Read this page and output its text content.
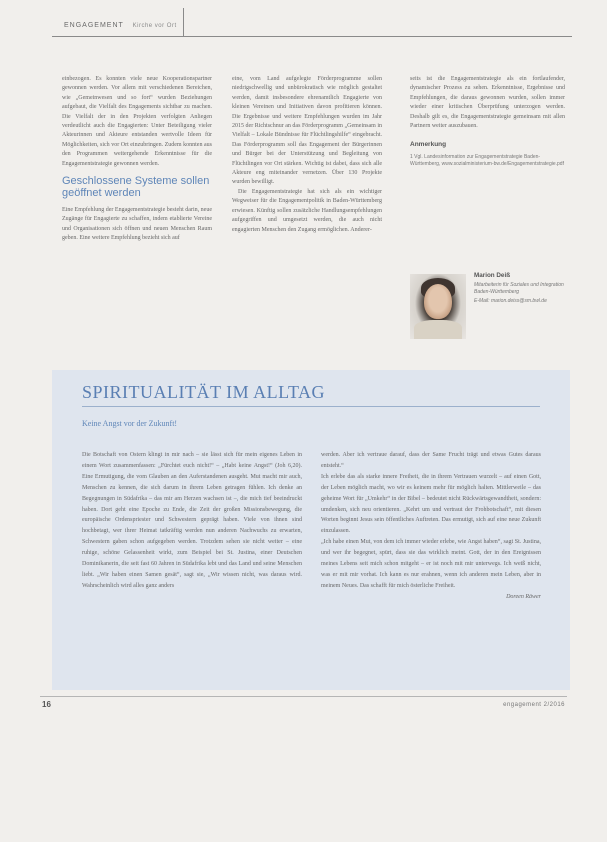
ENGAGEMENT Kirche vor Ort

einbezogen. Es konnten viele neue Kooperationspartner gewonnen werden. Vor allem mit verschiedenen Bereichen, wie „Gemeinwesen und so fort“ wurden Beziehungen aufgebaut, die Vielfalt des Engagements sichtbar zu machen. Die Vielfalt der in den Projekten verfolgten Anliegen verdeutlicht auch die Engagierten: Unter Beteiligung vieler Akteurinnen und Akteure entstanden wertvolle Ideen für Möglichkeiten, sich vor Ort einzubringen. Zudem konnten aus den Programmen weitergehende Erkenntnisse für die Engagementstrategie gewonnen werden.

Geschlossene Systeme sollen geöffnet werden

Eine Empfehlung der Engagementstrategie besteht darin, neue Zugänge für Engagierte zu schaffen, indem etablierte Vereine und Organisationen sich öffnen und neuen Menschen Raum geben. Eine weitere Empfehlung bezieht sich auf

eine, vom Land aufgelegte Förderprogramme sollen niedrigschwellig und unbürokratisch wie möglich gestaltet werden, damit insbesondere ehrenamtlich Engagierte von kleinen Vereinen und Initiativen davon profitieren können. Die Ergebnisse und weitere Empfehlungen wurden im Jahr 2015 der Richtschnur an das Förderprogramm „Gemeinsam in Vielfalt – Lokale Bündnisse für Flüchtlingshilfe“ eingebracht. Das Förderprogramm soll das Engagement der Bürgerinnen und Bürger bei der Unterstützung und Begleitung von Flüchtlingen vor Ort stärken. Wichtig ist dabei, dass sich alle Akteure eng miteinander vernetzen. Über 130 Projekte wurden bewilligt.

Die Engagementstrategie hat sich als ein wichtiger Wegweiser für die Engagementpolitik in Baden-Württemberg erwiesen. Künftig sollen zusätzliche Handlungsempfehlungen aufgegriffen und umgesetzt werden, die auch nicht engagierten Menschen den Zugang ermöglichen. Anderer-

seits ist die Engagementstrategie als ein fortlaufender, dynamischer Prozess zu sehen. Erkenntnisse, Ergebnisse und Empfehlungen, die daraus gewonnen wurden, sollen immer wieder einer kritischen Überprüfung unterzogen werden. Deshalb gilt es, die Engagementstrategie gemeinsam mit allen Partnern weiter auszubauen.

Anmerkung
1 Vgl. Landesinformation zur Engagementstrategie Baden-Württemberg, www.sozialministerium-bw.de/Engagementstrategie.pdf
Marion Deiß
Mitarbeiterin für Soziales und Integration Baden-Württemberg
E-Mail: marion.deiss@sm.bwl.de
SPIRITUALITÄT IM ALLTAG
Keine Angst vor der Zukunft!

Die Botschaft von Ostern klingt in mir nach – sie lässt sich für mein eigenes Leben in einem Wort zusammenfassen: „Fürchtet euch nicht!“ – „Habt keine Angst!“ (Joh 6,20). Eine Ermutigung, die vom Glauben an den Auferstandenen ausgeht. Mut macht mir auch, Menschen zu kennen, die sich darum in ihrem Leben getragen fühlen. Ich denke an Begegnungen in Südafrika – das mir am Herzen wachsen ist –, die mich tief beeindruckt haben. Dort geht eine Epoche zu Ende, die Zeit der großen Missionsbewegung, die europäische Ordenspriester und Schwestern geprägt haben. Viele von ihnen sind hochbetagt, wer ihrer Heimat tatkräftig werden nun anderen Nachwuchs zu erwarten, Schwestern gaben schon aufgegeben werden. Trotzdem sehen sie nicht weiter – eine ruhige, schöne Gelassenheit wirkt, zum Beispiel bei St. Justina, einer Deutschen Dominikanerin, die seit fast 60 Jahren in Südafrika lebt und das Land und seine Menschen liebt. „Wir haben einen Samen gesät“, sagt sie, „Wir wissen nicht, was daraus wird. Wahrscheinlich wird alles ganz anders

werden. Aber ich vertraue darauf, dass der Same Frucht trägt und etwas Gutes daraus entsteht.“

Ich erlebe das als starke innere Freiheit, die in ihrem Vertrauen wurzelt – auf einen Gott, der Leben möglich macht, wo wir es keinem mehr für möglich halten. Mittlerweile – das geheime Wort für „Umkehr“ in der Bibel – bedeutet nicht Rückwärtsgewandtheit, sondern: umdenken, sich neu orientieren. „Kehrt um und vertraut der Frohbotschaft“, mit diesen Worten beginnt Jesus sein öffentliches Auftreten. Das ermutigt, sich auf eine neue Zukunft einzulassen.

„Ich habe einen Mut, von dem ich immer wieder erlebe, wie Angst haben“, sagt St. Justina, und wer ihr begegnet, spürt, dass sie das wirklich meint. Gott, der in den Ereignissen meines Lebens seit mich schon mitgeht – er ist noch mit mir unterwegs. Ich weiß nicht, was er mit mir vorhat. Ich kann es nur erahnen, wenn ich anderen mein Leben, aber in meinem Neues. Das schafft für mich österliche Freiheit.

Doreen Räwer
16	engagement 2/2016
